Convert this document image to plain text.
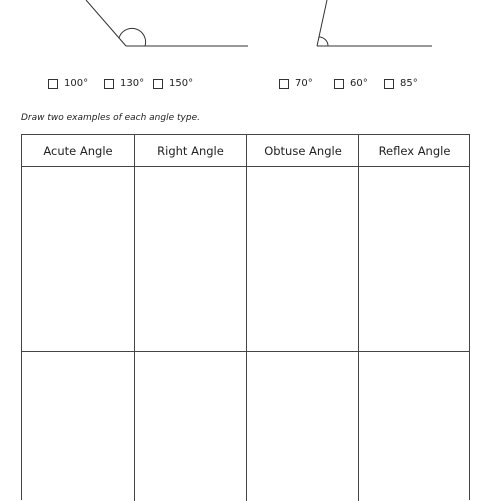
100°	130° 150°	70°	60°	85°
Draw two examples of each angle type.
Acute Angle	Right Angle	Obtuse Angle	Reflex Angle
